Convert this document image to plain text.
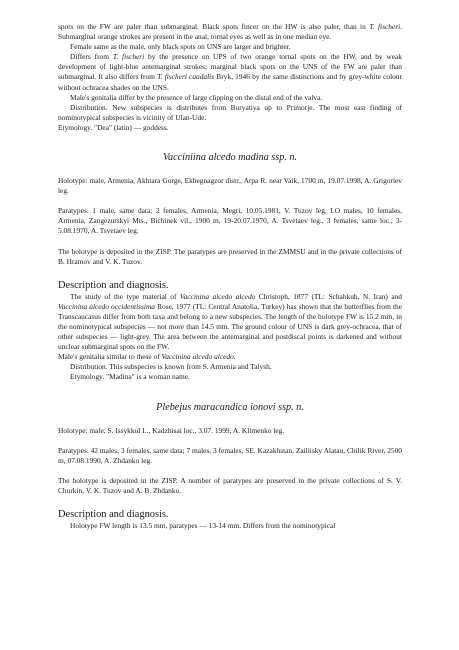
spots on the FW are paler than submarginal. Black spots fincer on the HW is also paler, than in T. fischeri. Submarginal orange strokes are present in the anal, tornal eyes as well as in one median eye.

Female same as the male, only black spots on UNS are larger and brighter.

Differs from T. fischeri by the presence on UPS of two orange tornal spots on the HW, and by weak development of light-blue antemarginal strokes; marginal black spots on the UNS of the FW are paler than submarginal. It also differs from T. fischeri caudalis Bryk, 1946 by the same distinctions and by grey-white colour without ochracea shades on the UNS.

Male's genitalia differ by the presence of large clipping on the distal end of the valva.

Distribution. New subspecies is distributes from Buryatiya up to Primorje. The most east finding of nominotypical subspecies is vicinity of Ulan-Ude.

Etymology. "Dea" (latin) — goddess.

Vacciniina alcedo madina ssp. n.

Holotype: male, Armenia, Akhtara Gorge, Ekhegnagzor distr., Arpa R. near Vaik, 1700 m, 19.07.1998, A. Grigoriev leg.

Paratypes: 1 male, same data; 2 females, Armenia, Megri, 10.05.1981, V. Tuzov leg. LO males, 10 females, Armenia, Zangezurskyi Mts., Bichinek vil., 1900 m, 19-20.07.1970, A. Tsvetaev leg., 3 females, same loc., 3-5.08.1970, A. Tsvetaev leg.

The holotype is deposited in the ZISP. The paratypes are preserved in the ZMMSU and in the private collections of B. Hramov and V. K. Tuzov.

Description and diagnosis.

The study of the type material of Vaccinina alcedo alcedo Christoph, 1877 (TL: Schahkuh, N. Iran) and Vaccinina alcedo occidentissima Rose, 1977 (TL: Central Anatolia, Turkey) has shown that the butterflies from the Transcaucasus differ from both taxa and belong to a new subspecies. The length of the holotype FW is 15.2 mm, in the nominotypical subspecies — not more than 14.5 mm. The ground colour of UNS is dark grey-ochracea, that of other subspecies — light-grey. The area between the antemarginal and postdiscal points is darkened and without unclear submarginal spots on the FW.

Male's genitalia similar to these of Vaccinina alcedo alcedo.

Distribution. This subspecies is known from S. Armenia and Talysh.

Etymology. "Madina" is a woman name.

Plebejus maracandica ionovi ssp. n.

Holotype: male, S. Issykkul L., Kadzhisai loc., 3.07. 1999, A. Klimenko leg.

Paratypes: 42 males, 3 females, same data; 7 males, 3 females, SE. Kazakhstan, Zailiisky Alatau, Chilik River, 2500 m, 07.08.1990, A. Zhdanko leg.

The holotype is deposited in the ZISP. A number of paratypes are preserved in the private collections of S. V. Churkin, V. K. Tuzov and A. B. Zhdanko.

Description and diagnosis.

Holotype FW length is 13.5 mm, paratypes — 13-14 mm. Differs from the nominotypical
